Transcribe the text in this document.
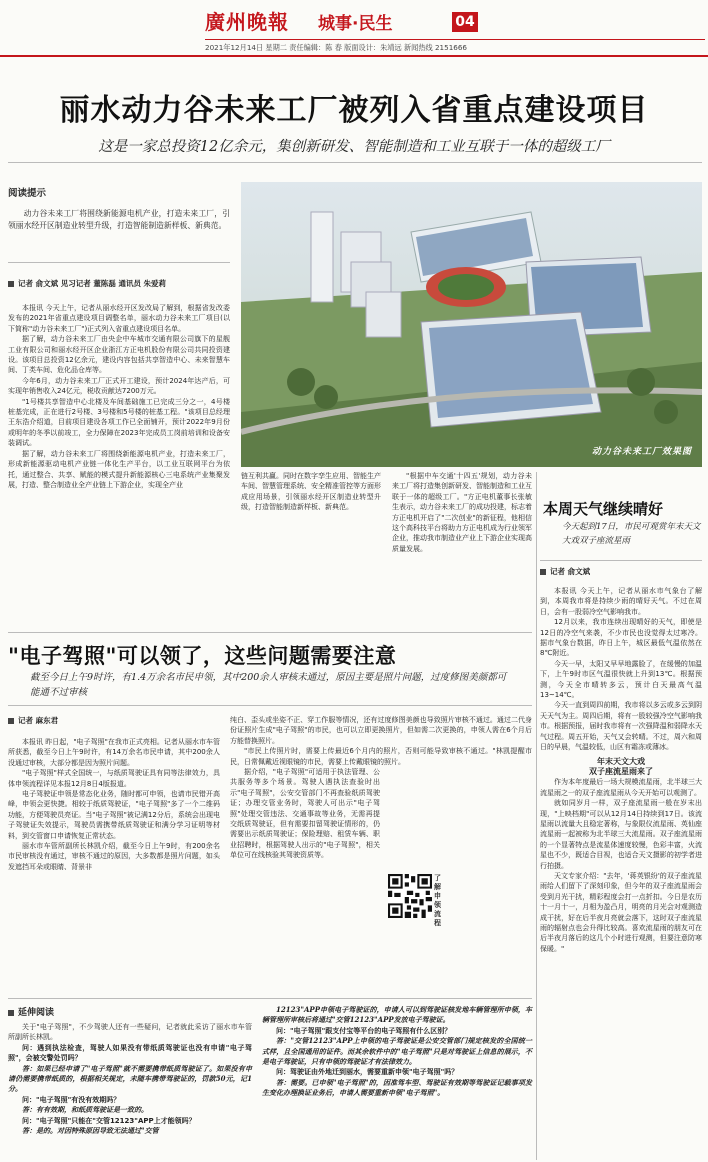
廣州晚報 城事·民生	04
2021年12月14日 星期二 责任编辑：陈 春 版面设计：朱靖远 新闻热线 2151666
丽水动力谷未来工厂被列入省重点建设项目
这是一家总投资12亿余元，集创新研发、智能制造和工业互联于一体的超级工厂
阅读提示

动力谷未来工厂将围绕新能源电机产业，打造未来工厂，引领丽水经开区制造业转型升级，打造智能制造新样板、新典范。

记者 俞文斌 见习记者 董陈磊 通讯员 朱爱莉
动力谷未来工厂效果图

本报讯 今天上午，记者从丽水经开区发改局了解到，根据省发改委发布的2021年省重点建设项目调整名单，丽水动力谷未来工厂项目(以下简称"动力谷未来工厂")正式列入省重点建设项目名单。

据了解，动力谷未来工厂由央企中车城市交通有限公司旗下的星舰工业有限公司和丽水经开区企业浙江方正电机股份有限公司共同投资建设。该项目总投资12亿余元，建设内容包括共享智造中心、未来智慧车间、丁类车间、危化品仓库等。

今年6月，动力谷未来工厂正式开工建设，预计2024年达产后，可实现年销售收入24亿元，税收贡献达7200万元。

"1号楼共享智造中心北楼及车间基础施工已完成三分之一，4号楼桩基完成，正在进行2号楼、3号楼和5号楼的桩基工程。"该项目总经理王东浩介绍道，目前项目建设各项工作已全面铺开，预计2022年9月份或明年的冬季以前竣工，全力保障在2023年完成员工岗前培训和设备安装调试。

据了解，动力谷未来工厂将围绕新能源电机产业，打造未来工厂，形成新能源驱动电机产业链一体化生产平台，以工业互联网平台为依托，通过整合、共享、赋能的模式提升新能源核心三电系统产业集聚发展，打造、整合制造业全产业链上下游企业，实现全产业

链互利共赢。同时在数字孪生应用、智能生产车间、智慧管理系统、安全精准管控等方面形成应用场景，引领丽水经开区制造业转型升级，打造智能制造新样板、新典范。

"根据中车交通'十四五'规划，动力谷未来工厂将打造集创新研发、智能制造和工业互联于一体的超级工厂。"方正电机董事长张敏生表示，动力谷未来工厂的成功投建，标志着方正电机开启了"二次创业"的新征程，他相信这个高科技平台将助力方正电机成为行业领军企业，推动我市制造业产业上下游企业实现高质量发展。

本周天气继续晴好
今天起到17日，市民可观赏年末天文大戏双子座流星雨
记者 俞文斌

本报讯 今天上午，记者从丽水市气象台了解到，本周我市将是持续少雨的晴好天气。不过在周日，会有一股弱冷空气影响我市。

12月以来，我市连续出现晴好的天气，即使是12日的冷空气来袭，不少市民也没觉得太过寒冷。据市气象台数据，昨日上午，城区最低气温依然在8℃附近。

今天一早，太阳又早早地露脸了，在缓慢的加温下，上午9时市区气温很快就上升到13℃。根据预测，今天全市晴转多云，预计白天最高气温13~14℃。

今天一直到周四前期，我市将以多云或多云到阴天天气为主。周四后期，将有一股较强冷空气影响我市。根据预报，届时我市将有一次强降温和弱降水天气过程。周五开始，天气又会转晴。不过，周六和周日的早晨，气温较低，山区有霜冻或薄冰。

年末天文大戏
双子座流星雨来了

作为本年度最后一场大规模流星雨，北半球三大流星雨之一的双子座流星雨从今天开始可以观测了。

就如同岁月一样，双子座流星雨一般在岁末出现，"上映档期"可以从12月14日持续到17日。该流星雨以流量大且稳定著称，与象限仪流星雨、英仙座流星雨一起被称为北半球三大流星雨。双子座流星雨的一个显著特点是流星体速度较慢，色彩丰富，火流星也不少，既适合目视，也适合天文摄影的初学者进行拍摄。

天文专家介绍："去年，'蒋英银纷'的双子座流星雨给人们留下了深刻印象，但今年的双子座流星雨会受到月光干扰，精彩程度会打一点折扣。今日是农历十一月十一，月相为盈凸月，明亮的月光会对观测造成干扰，好在后半夜月亮就会落下，这时双子座流星雨的辐射点也会升得比较高。喜欢流星雨的朋友可在后半夜月落后的这几个小时进行观测，但要注意防寒保暖。"

"电子驾照"可以领了，这些问题需要注意
截至今日上午9时许，有1.4万余名市民申领，其中200余人审核未通过，原因主要是照片问题，过度修图美颜都可能通不过审核
记者 麻东君

本报讯 昨日起，"电子驾照"在我市正式亮相。记者从丽水市车管所获悉，截至今日上午9时许，有14万余名市民申请，其中200余人没通过审核，大部分都是因为照片问题。

"电子驾照"样式全国统一，与纸质驾驶证具有同等法律效力，具体申领流程详见本报12月8日4版报道。

电子驾驶证申领是常态化业务，随时都可申领，也请市民错开高峰，申领会更快捷。相较于纸质驾驶证，"电子驾照"多了一个二维码功能，方便驾驶员亮证。当"电子驾照"被记满12分后，系统会出现电子驾驶证失效提示，驾驶员需携带纸质驾驶证和满分学习证明等材料，到交管窗口申请恢复正常状态。

丽水市车管所副所长林凯介绍，截至今日上午9时，有200余名市民审核没有通过，审核不通过的原因，大多数都是照片问题，如头发遮挡耳朵或眼睛、背景非

纯白、歪头或坐姿不正、穿工作服等情况，还有过度修图美颜也导致照片审核不通过。通过二代身份证照片生成"电子驾照"的市民，也可以立即更换照片，但如需二次更换的，申领人需在6个月后方能替换照片。

"市民上传照片时，需要上传最近6个月内的照片，否则可能导致审核不通过。"林凯提醒市民，日常佩戴近视眼镜的市民，需要上传戴眼镜的照片。

据介绍，"电子驾照"可适用于执法管理、公共服务等多个场景。驾驶人遇执法查验时出示"电子驾照"，公安交管部门不再查验纸质驾驶证；办理交管业务时，驾驶人可出示"电子驾照"处理交管违法、交通事故等业务，无需再提交纸质驾驶证，但有需要扣留驾驶证情形的，仍需要出示纸质驾驶证；保险理赔、租赁车辆、职业招聘时，根据驾驶人出示的"电子驾照"，相关单位可在线核验其驾驶资质等。

了解申领流程
延伸阅读

关于"电子驾照"，不少驾驶人还有一些疑问，记者就此采访了丽水市车管所副所长林凯。

问：遇到执法检查，驾驶人如果没有带纸质驾驶证也没有申请"电子驾照"，会被交警处罚吗？

答：如果已经申请了"电子驾照"就不需要携带纸质驾驶证了。如果没有申请仍需要携带纸质的，根据相关规定，未随车携带驾驶证的，罚款50元，记1分。

问："电子驾照"有没有效期吗？

答：有有效期，和纸质驾驶证是一致的。

问："电子驾照"只能在"交管12123"APP上才能领吗？

答：是的。对因特殊原因导致无法通过"交管

12123"APP申领电子驾驶证的，申请人可以到驾驶证核发地车辆管理所申领，车辆管理所审核后将通过"交管12123"APP发放电子驾驶证。

问："电子驾照"跟支付宝等平台的电子驾照有什么区别？

答："交管12123"APP上申领的电子驾驶证是公安交管部门规定核发的全国统一式样，且全国通用的证件。而其余软件中的"电子驾照"只是对驾驶证上信息的展示，不是电子驾驶证，只有申领的驾驶证才有法律效力。

问：驾驶证由外地迁到丽水，需要重新申领"电子驾照"吗？

答：需要。已申领"电子驾照"的，因准驾车型、驾驶证有效期等驾驶证记载事项发生变化办理换证业务后，申请人需要重新申领"电子驾照"。
